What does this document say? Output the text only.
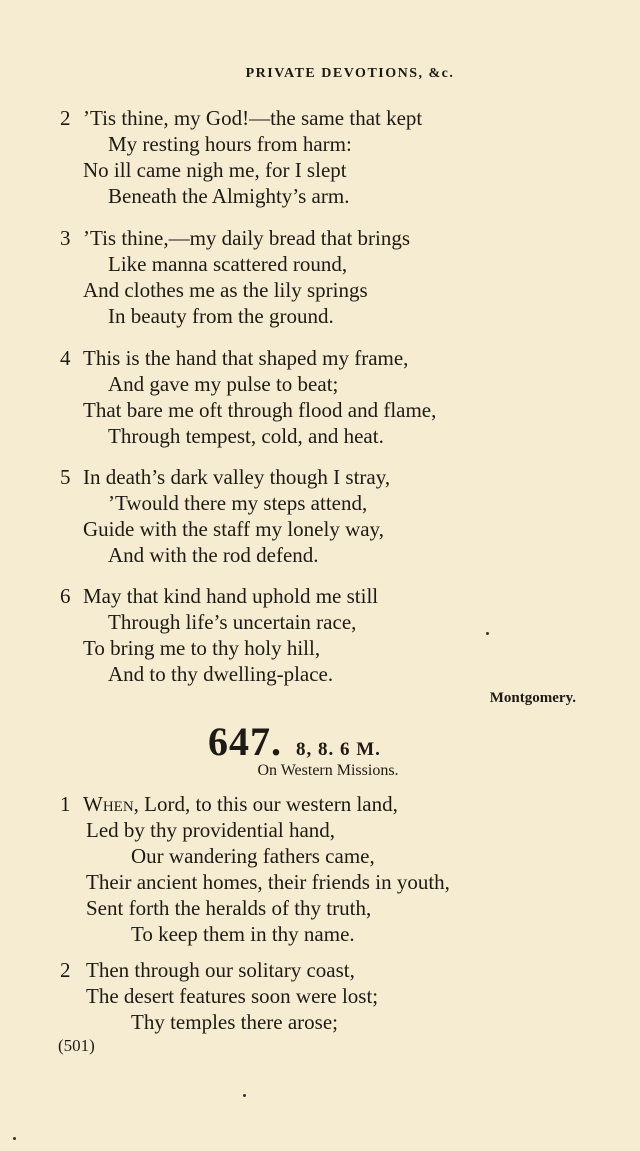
PRIVATE DEVOTIONS, &c.
2 ’Tis thine, my God!—the same that kept
My resting hours from harm:
No ill came nigh me, for I slept
Beneath the Almighty’s arm.
3 ’Tis thine,—my daily bread that brings
Like manna scattered round,
And clothes me as the lily springs
In beauty from the ground.
4 This is the hand that shaped my frame,
And gave my pulse to beat;
That bare me oft through flood and flame,
Through tempest, cold, and heat.
5 In death’s dark valley though I stray,
’Twould there my steps attend,
Guide with the staff my lonely way,
And with the rod defend.
6 May that kind hand uphold me still
Through life’s uncertain race,
To bring me to thy holy hill,
And to thy dwelling-place.
Montgomery.
647. 8, 8. 6 M.
On Western Missions.
1 When, Lord, to this our western land,
Led by thy providential hand,
Our wandering fathers came,
Their ancient homes, their friends in youth,
Sent forth the heralds of thy truth,
To keep them in thy name.
2 Then through our solitary coast,
The desert features soon were lost;
Thy temples there arose;
(501)
